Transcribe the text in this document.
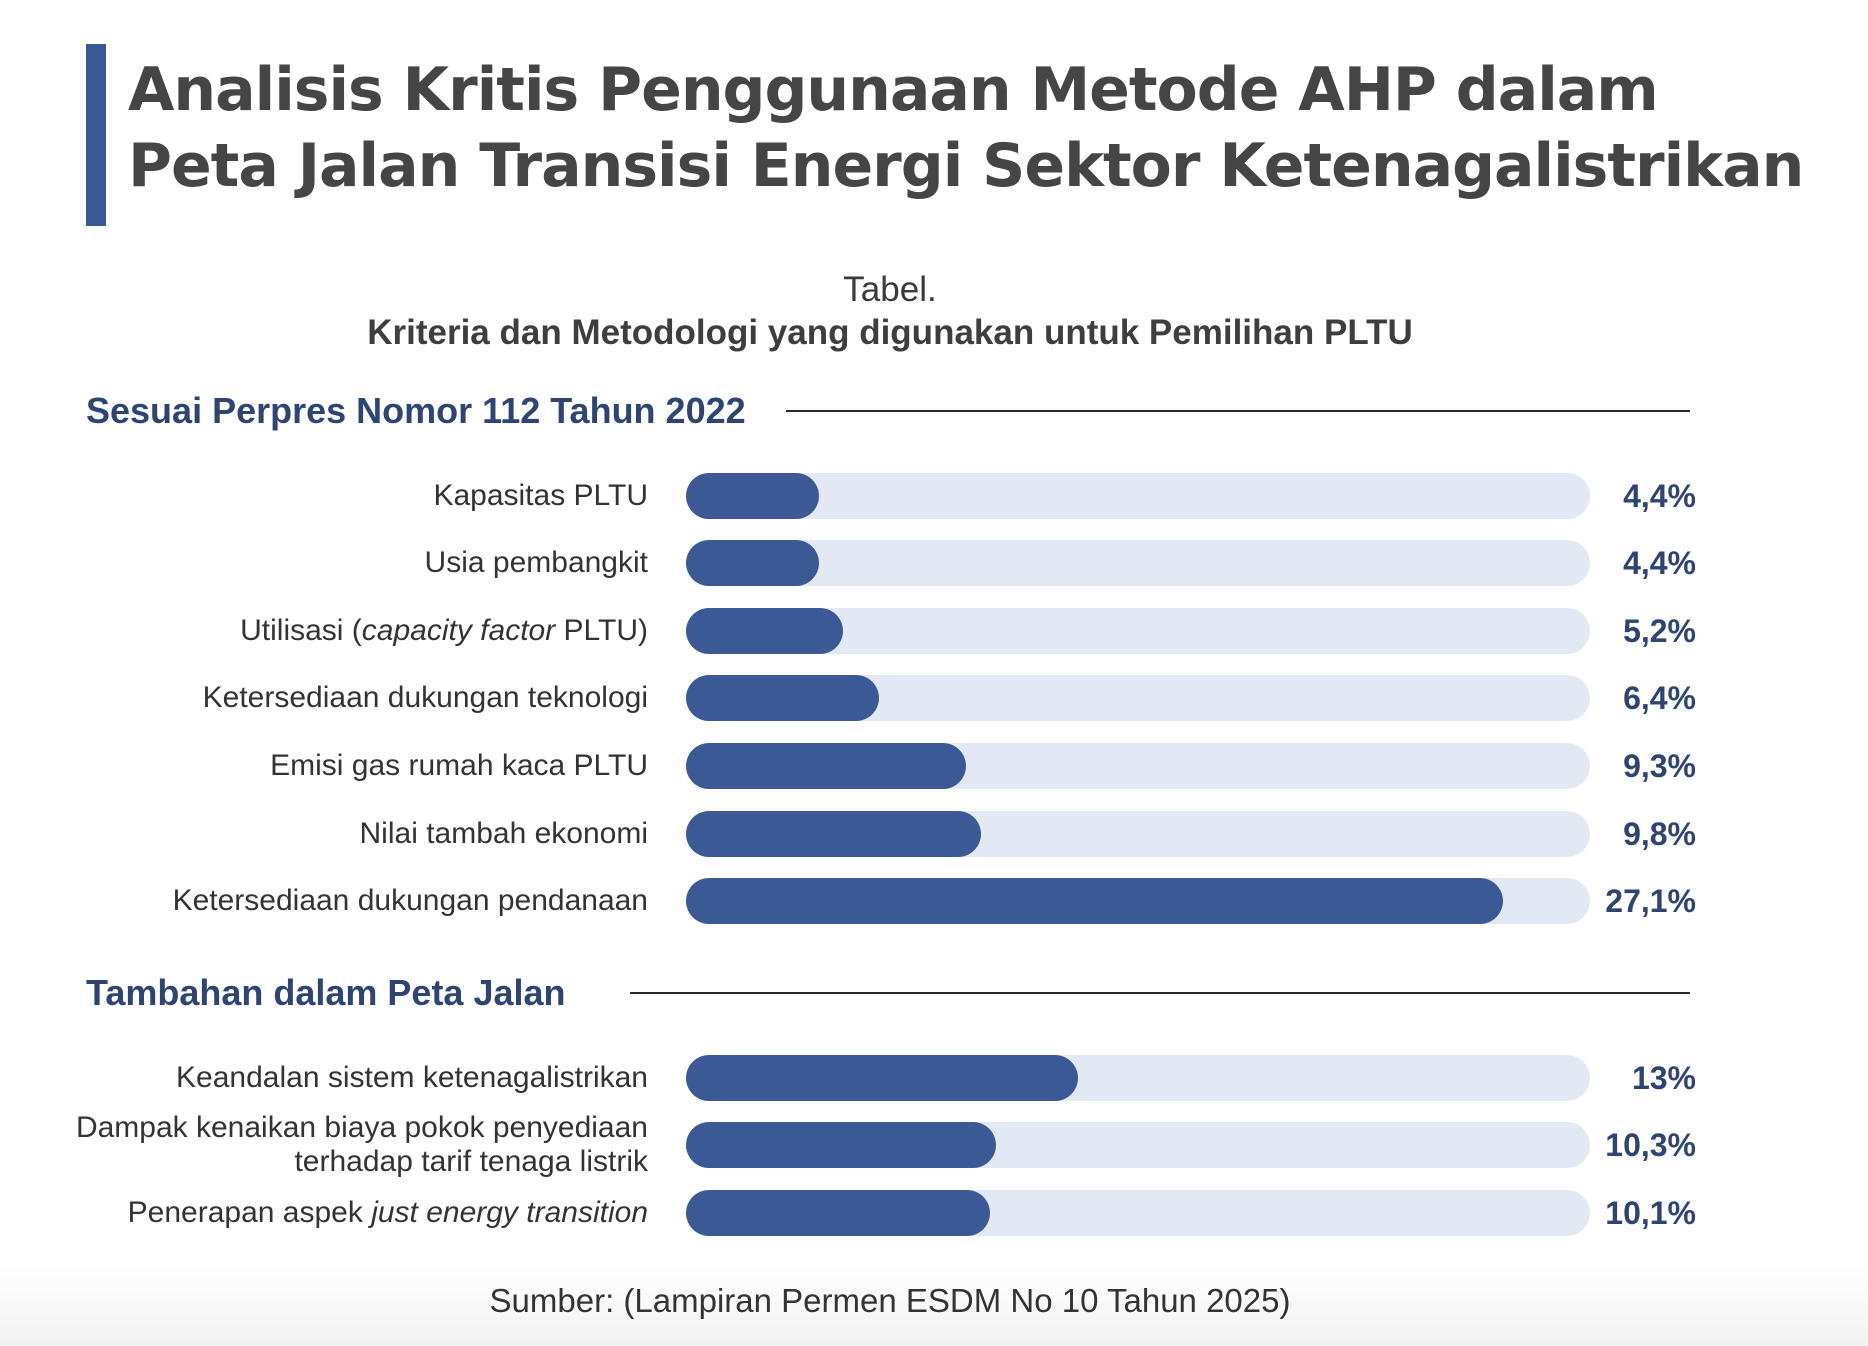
Analisis Kritis Penggunaan Metode AHP dalam
Peta Jalan Transisi Energi Sektor Ketenagalistrikan
Tabel.
Kriteria dan Metodologi yang digunakan untuk Pemilihan PLTU
Sesuai Perpres Nomor 112 Tahun 2022
Kapasitas PLTU	4,4%
Usia pembangkit	4,4%
Utilisasi (capacity factor PLTU)	5,2%
Ketersediaan dukungan teknologi	6,4%
Emisi gas rumah kaca PLTU	9,3%
Nilai tambah ekonomi	9,8%
Ketersediaan dukungan pendanaan	27,1%
Tambahan dalam Peta Jalan
Keandalan sistem ketenagalistrikan	13%
Dampak kenaikan biaya pokok penyediaan
terhadap tarif tenaga listrik	10,3%
Penerapan aspek just energy transition	10,1%
Sumber: (Lampiran Permen ESDM No 10 Tahun 2025)
